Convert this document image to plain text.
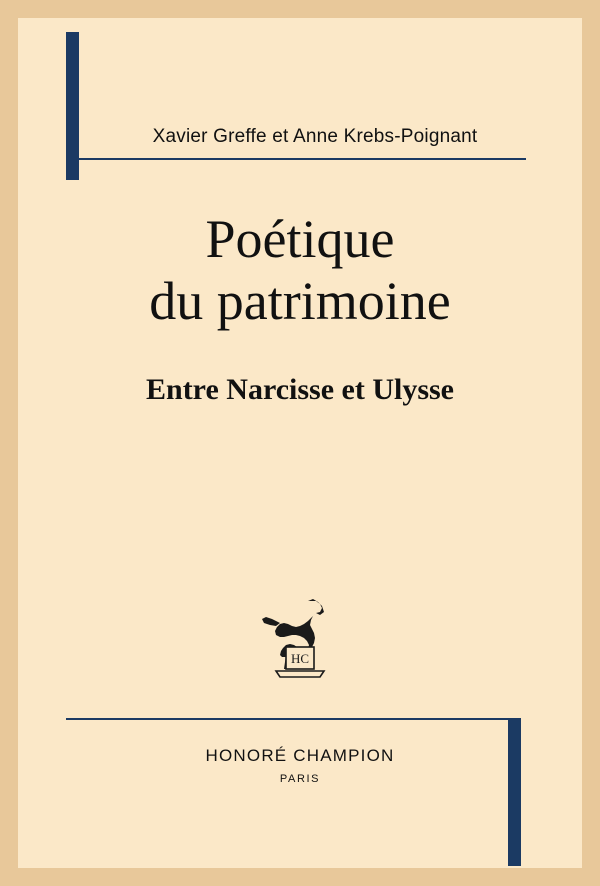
Xavier Greffe et Anne Krebs-Poignant
Poétique
du patrimoine
Entre Narcisse et Ulysse
HC
HONORÉ CHAMPION
PARIS
